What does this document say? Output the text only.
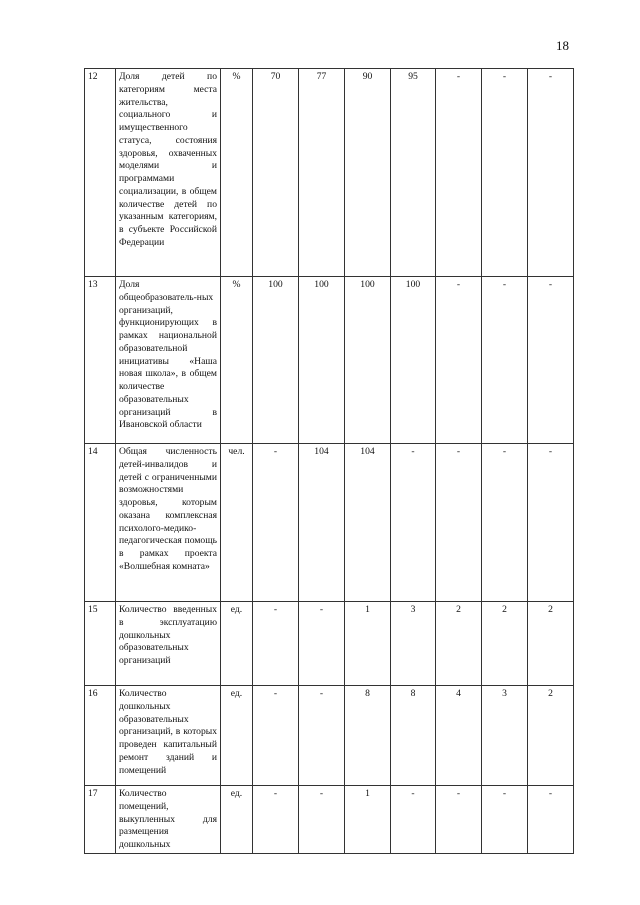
18
12	Доля детей по категориям места жительства, социального и имущественного статуса, состояния здоровья, охваченных моделями и программами социализации, в общем количестве детей по указанным категориям, в субъекте Российской Федерации	%	70	77	90	95	-	-	-
13	Доля общеобразователь-ных организаций, функционирующих в рамках национальной образовательной инициативы «Наша новая школа», в общем количестве образовательных организаций в Ивановской области	%	100	100	100	100	-	-	-
14	Общая численность детей-инвалидов и детей с ограниченными возможностями здоровья, которым оказана комплексная психолого-медико-педагогическая помощь в рамках проекта «Волшебная комната»	чел.	-	104	104	-	-	-	-
15	Количество введенных в эксплуатацию дошкольных образовательных организаций	ед.	-	-	1	3	2	2	2
16	Количество дошкольных образовательных организаций, в которых проведен капитальный ремонт зданий и помещений	ед.	-	-	8	8	4	3	2
17	Количество помещений, выкупленных для размещения дошкольных	ед.	-	-	1	-	-	-	-
